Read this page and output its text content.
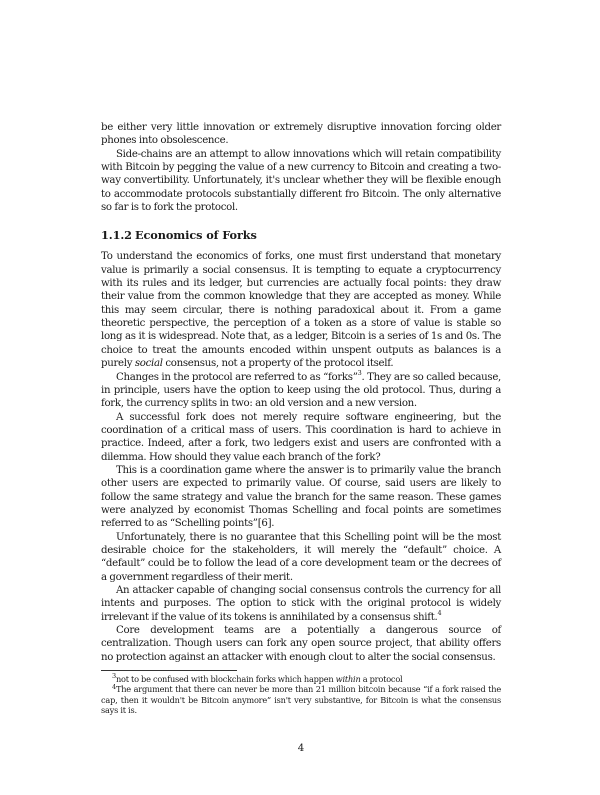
be either very little innovation or extremely disruptive innovation forcing older phones into obsolescence.

Side-chains are an attempt to allow innovations which will retain compatibility with Bitcoin by pegging the value of a new currency to Bitcoin and creating a two-way convertibility. Unfortunately, it's unclear whether they will be flexible enough to accommodate protocols substantially different fro Bitcoin. The only alternative so far is to fork the protocol.

1.1.2 Economics of Forks

To understand the economics of forks, one must first understand that monetary value is primarily a social consensus. It is tempting to equate a cryptocurrency with its rules and its ledger, but currencies are actually focal points: they draw their value from the common knowledge that they are accepted as money. While this may seem circular, there is nothing paradoxical about it. From a game theoretic perspective, the perception of a token as a store of value is stable so long as it is widespread. Note that, as a ledger, Bitcoin is a series of 1s and 0s. The choice to treat the amounts encoded within unspent outputs as balances is a purely social consensus, not a property of the protocol itself.

Changes in the protocol are referred to as “forks”$^3$. They are so called because, in principle, users have the option to keep using the old protocol. Thus, during a fork, the currency splits in two: an old version and a new version.

A successful fork does not merely require software engineering, but the coordination of a critical mass of users. This coordination is hard to achieve in practice. Indeed, after a fork, two ledgers exist and users are confronted with a dilemma. How should they value each branch of the fork?

This is a coordination game where the answer is to primarily value the branch other users are expected to primarily value. Of course, said users are likely to follow the same strategy and value the branch for the same reason. These games were analyzed by economist Thomas Schelling and focal points are sometimes referred to as “Schelling points”[6].

Unfortunately, there is no guarantee that this Schelling point will be the most desirable choice for the stakeholders, it will merely the “default” choice. A “default” could be to follow the lead of a core development team or the decrees of a government regardless of their merit.

An attacker capable of changing social consensus controls the currency for all intents and purposes. The option to stick with the original protocol is widely irrelevant if the value of its tokens is annihilated by a consensus shift.$^4$

Core development teams are a potentially a dangerous source of centralization. Though users can fork any open source project, that ability offers no protection against an attacker with enough clout to alter the social consensus.

$^3$not to be confused with blockchain forks which happen within a protocol

$^4$The argument that there can never be more than 21 million bitcoin because “if a fork raised the cap, then it wouldn't be Bitcoin anymore” isn't very substantive, for Bitcoin is what the consensus says it is.

4
